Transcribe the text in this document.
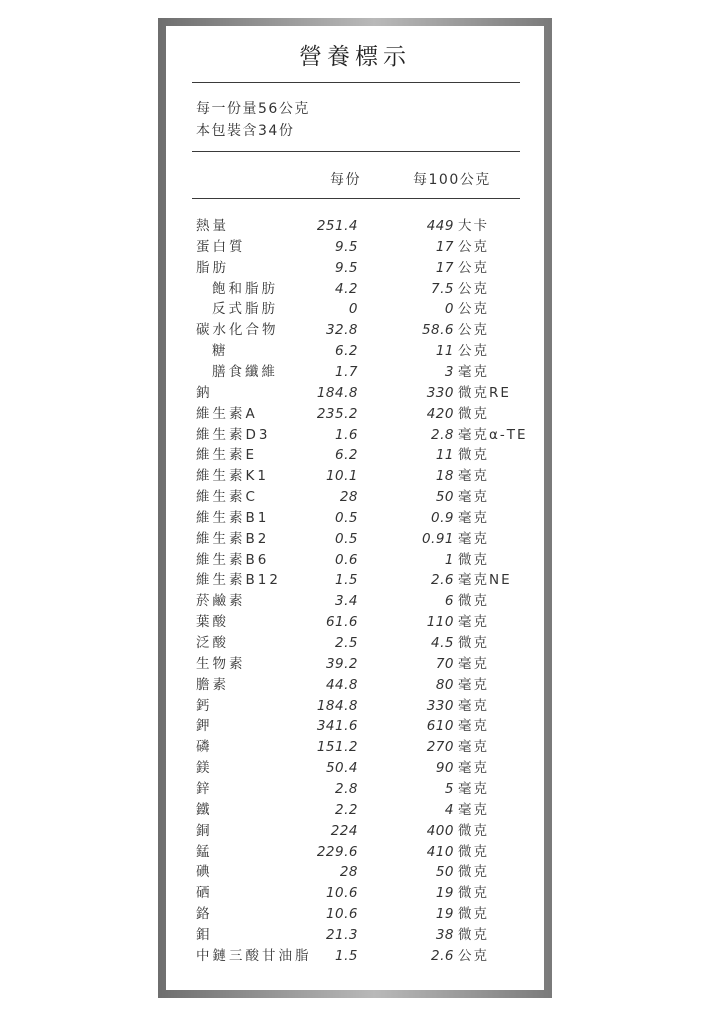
營養標示
每一份量56公克
本包裝含34份
每份	每100公克
熱量	251.4	449 大卡
蛋白質	9.5	17 公克
脂肪	9.5	17 公克
飽和脂肪	4.2	7.5 公克
反式脂肪	0	0 公克
碳水化合物	32.8	58.6 公克
糖	6.2	11 公克
膳食纖維	1.7	3 毫克
鈉	184.8	330 微克RE
維生素A	235.2	420 微克
維生素D3	1.6	2.8 毫克α-TE
維生素E	6.2	11 微克
維生素K1	10.1	18 毫克
維生素C	28	50 毫克
維生素B1	0.5	0.9 毫克
維生素B2	0.5	0.91 毫克
維生素B6	0.6	1 微克
維生素B12	1.5	2.6 毫克NE
菸鹼素	3.4	6 微克
葉酸	61.6	110 毫克
泛酸	2.5	4.5 微克
生物素	39.2	70 毫克
膽素	44.8	80 毫克
鈣	184.8	330 毫克
鉀	341.6	610 毫克
磷	151.2	270 毫克
鎂	50.4	90 毫克
鋅	2.8	5 毫克
鐵	2.2	4 毫克
銅	224	400 微克
錳	229.6	410 微克
碘	28	50 微克
硒	10.6	19 微克
鉻	10.6	19 微克
鉬	21.3	38 微克
中鏈三酸甘油脂	1.5	2.6 公克
